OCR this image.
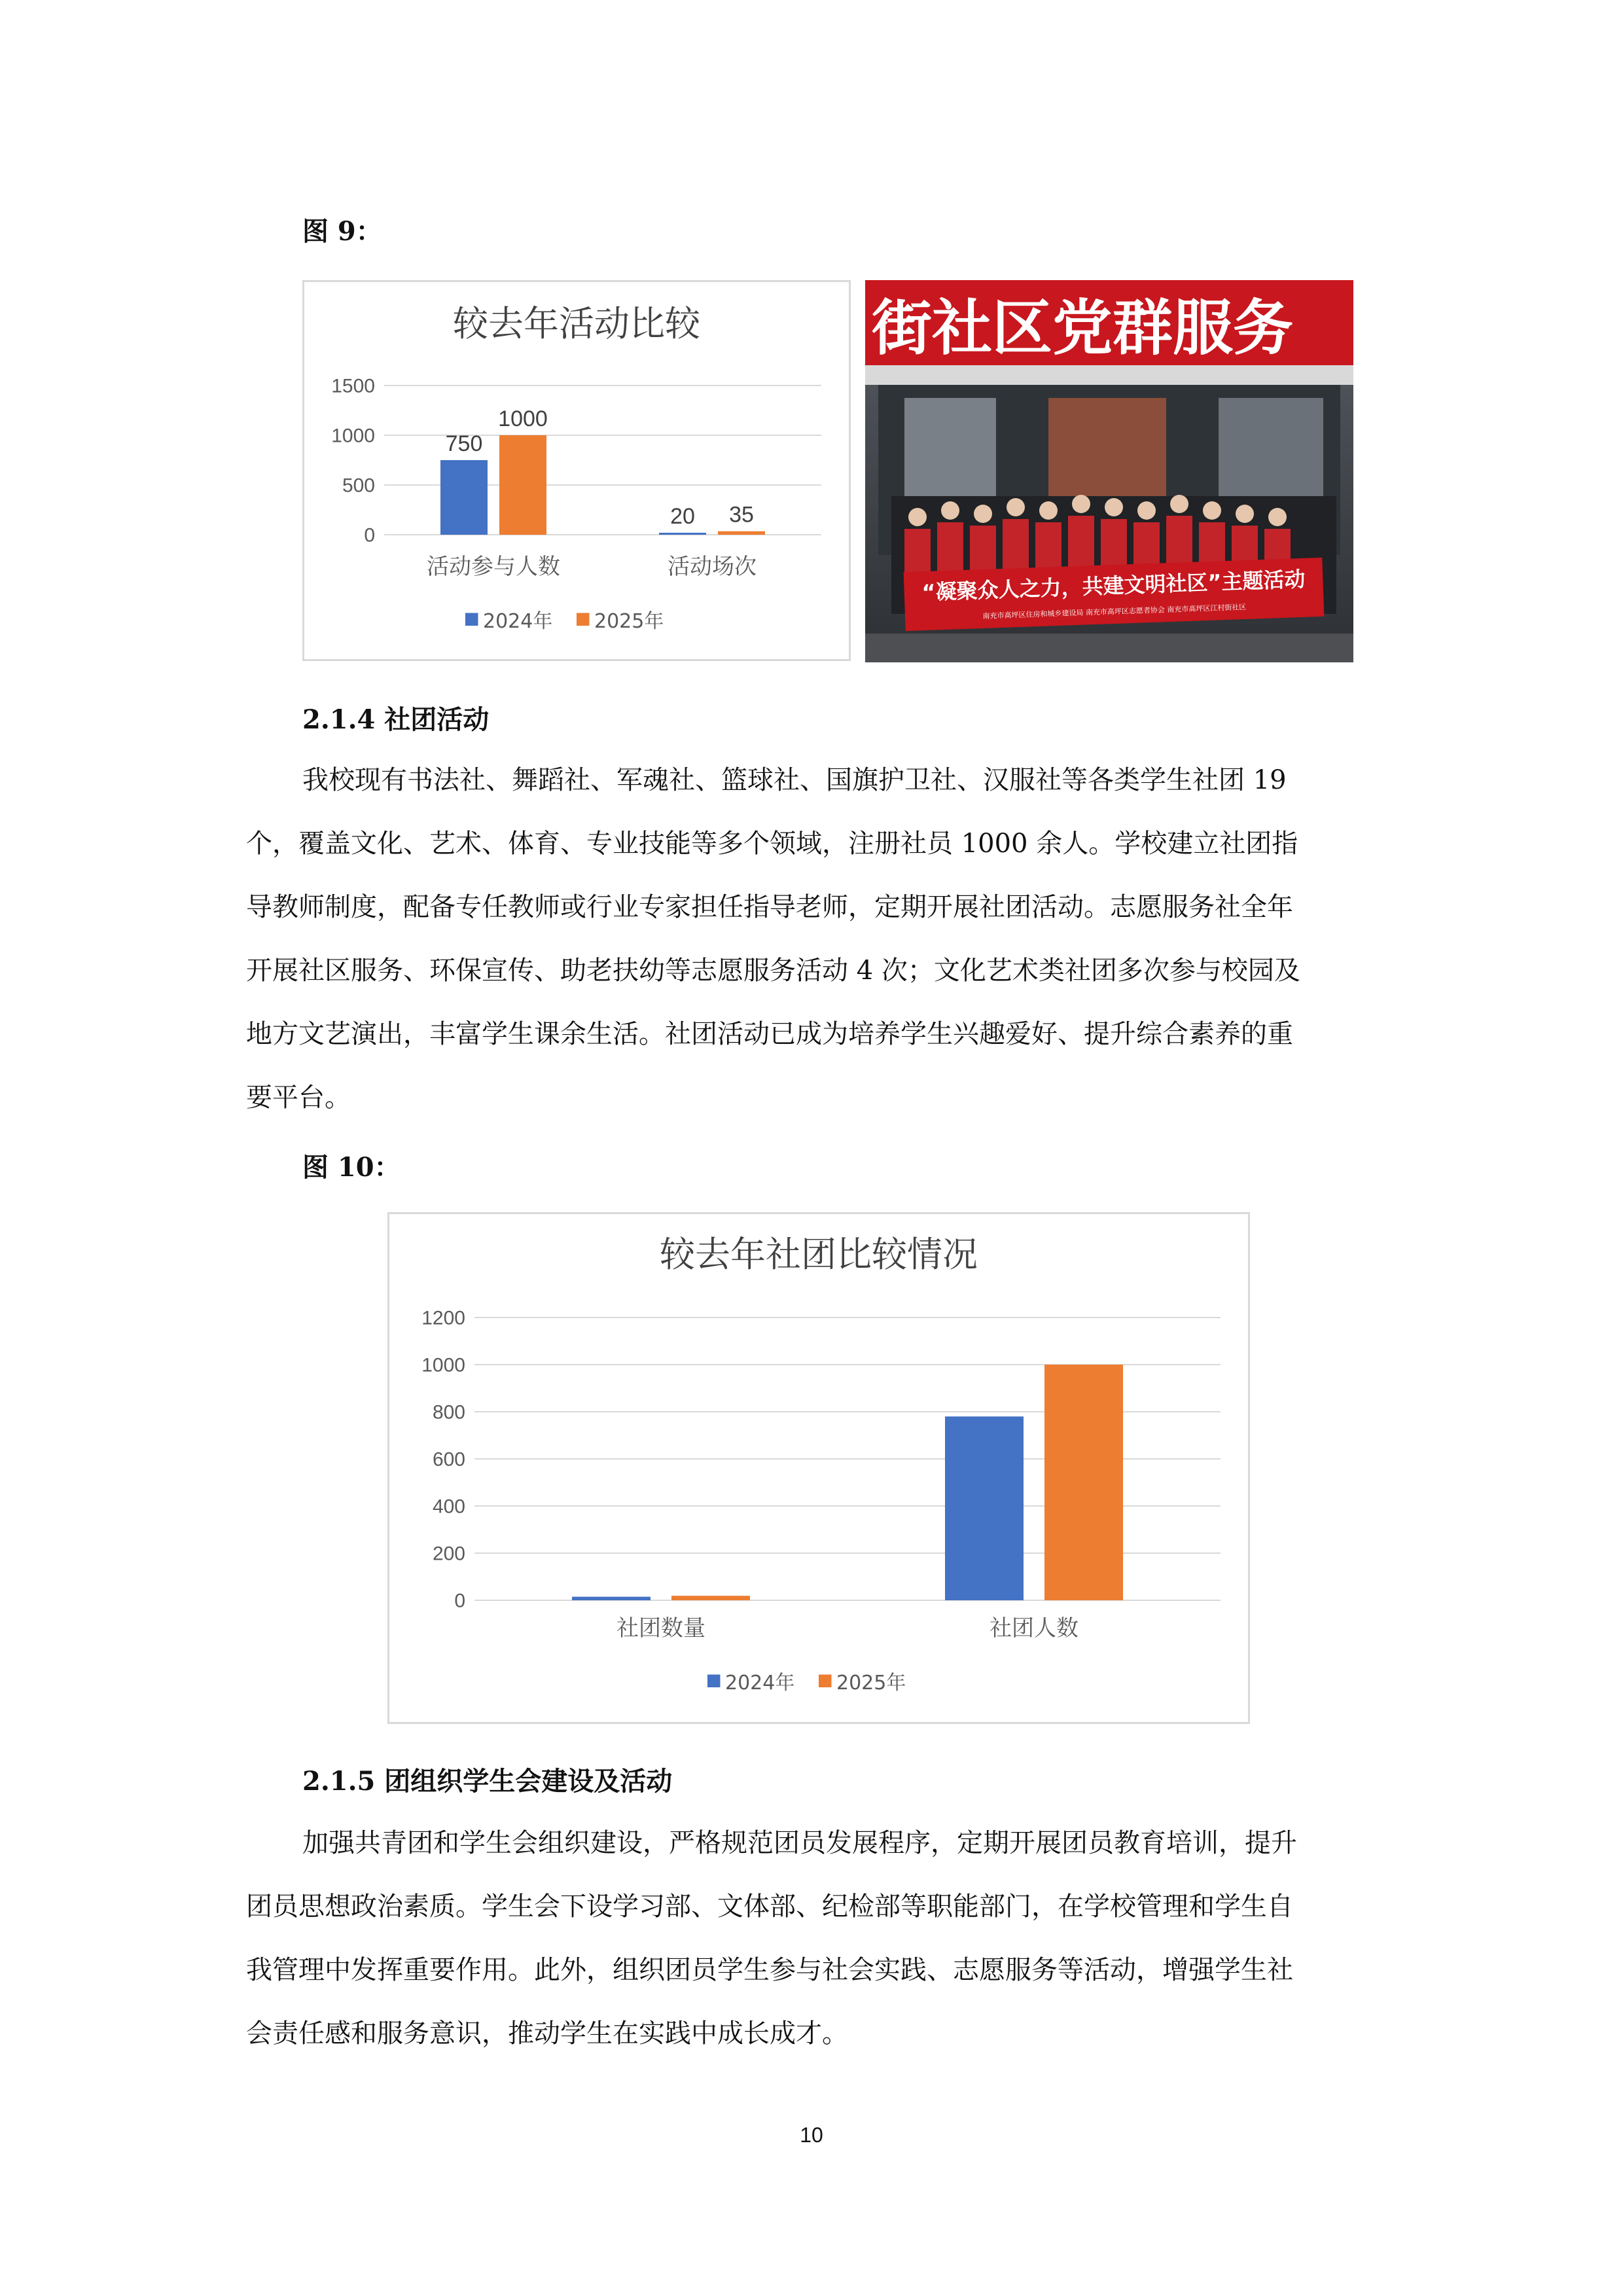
图 9：
较去年活动比较
0
500
1000
1500
750
1000
活动参与人数
20 35
活动场次
2024年 2025年
街社区党群服务
“凝聚众人之力，共建文明社区”主题活动
南充市高坪区住房和城乡建设局 南充市高坪区志愿者协会 南充市高坪区江村街社区
2.1.4 社团活动

我校现有书法社、舞蹈社、军魂社、篮球社、国旗护卫社、汉服社等各类学生社团 19

个，覆盖文化、艺术、体育、专业技能等多个领域，注册社员 1000 余人。学校建立社团指

导教师制度，配备专任教师或行业专家担任指导老师，定期开展社团活动。志愿服务社全年

开展社区服务、环保宣传、助老扶幼等志愿服务活动 4 次；文化艺术类社团多次参与校园及

地方文艺演出，丰富学生课余生活。社团活动已成为培养学生兴趣爱好、提升综合素养的重

要平台。

图 10：
较去年社团比较情况
0
200
400
600
800
1000
1200
社团数量	社团人数
2024年 2025年
2.1.5 团组织学生会建设及活动

加强共青团和学生会组织建设，严格规范团员发展程序，定期开展团员教育培训，提升

团员思想政治素质。学生会下设学习部、文体部、纪检部等职能部门，在学校管理和学生自

我管理中发挥重要作用。此外，组织团员学生参与社会实践、志愿服务等活动，增强学生社

会责任感和服务意识，推动学生在实践中成长成才。

10
